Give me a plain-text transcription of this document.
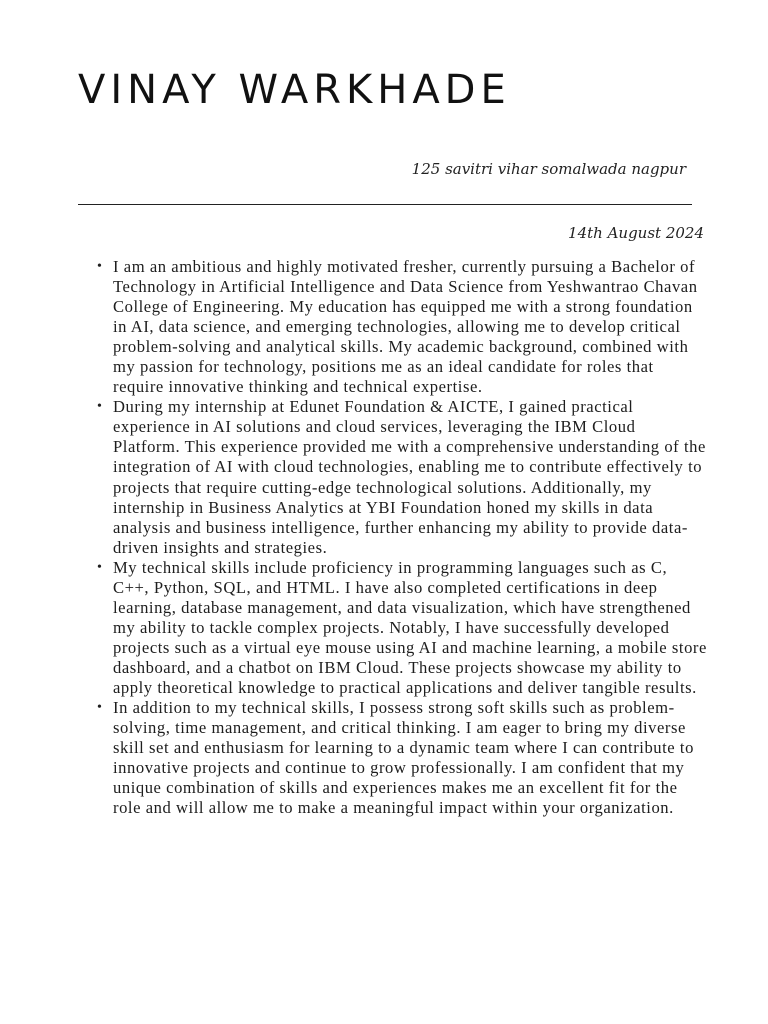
VINAY WARKHADE
125 savitri vihar somalwada nagpur
14th August 2024
• I am an ambitious and highly motivated fresher, currently pursuing a Bachelor of Technology in Artificial Intelligence and Data Science from Yeshwantrao Chavan College of Engineering. My education has equipped me with a strong foundation in AI, data science, and emerging technologies, allowing me to develop critical problem-solving and analytical skills. My academic background, combined with my passion for technology, positions me as an ideal candidate for roles that require innovative thinking and technical expertise.
• During my internship at Edunet Foundation & AICTE, I gained practical experience in AI solutions and cloud services, leveraging the IBM Cloud Platform. This experience provided me with a comprehensive understanding of the integration of AI with cloud technologies, enabling me to contribute effectively to projects that require cutting-edge technological solutions. Additionally, my internship in Business Analytics at YBI Foundation honed my skills in data analysis and business intelligence, further enhancing my ability to provide data-driven insights and strategies.
• My technical skills include proficiency in programming languages such as C, C++, Python, SQL, and HTML. I have also completed certifications in deep learning, database management, and data visualization, which have strengthened my ability to tackle complex projects. Notably, I have successfully developed projects such as a virtual eye mouse using AI and machine learning, a mobile store dashboard, and a chatbot on IBM Cloud. These projects showcase my ability to apply theoretical knowledge to practical applications and deliver tangible results.
• In addition to my technical skills, I possess strong soft skills such as problem-solving, time management, and critical thinking. I am eager to bring my diverse skill set and enthusiasm for learning to a dynamic team where I can contribute to innovative projects and continue to grow professionally. I am confident that my unique combination of skills and experiences makes me an excellent fit for the role and will allow me to make a meaningful impact within your organization.
